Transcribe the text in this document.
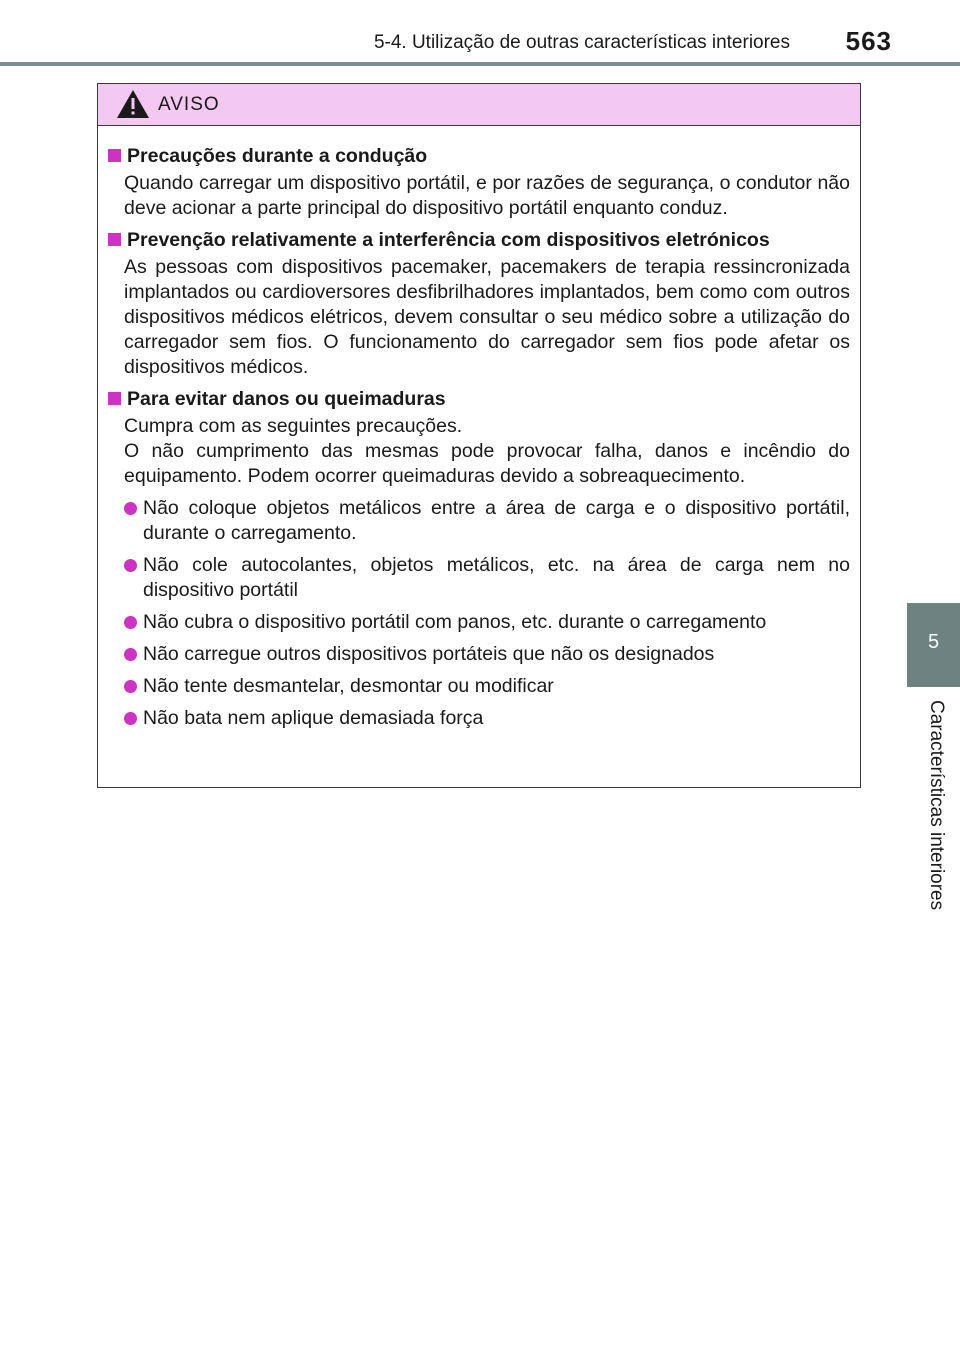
5-4. Utilização de outras características interiores 563
5
Características interiores
AVISO
Precauções durante a condução
Quando carregar um dispositivo portátil, e por razões de segurança, o condutor não deve acionar a parte principal do dispositivo portátil enquanto conduz.
Prevenção relativamente a interferência com dispositivos eletrónicos
As pessoas com dispositivos pacemaker, pacemakers de terapia ressincronizada implantados ou cardioversores desfibrilhadores implantados, bem como com outros dispositivos médicos elétricos, devem consultar o seu médico sobre a utilização do carregador sem fios. O funcionamento do carregador sem fios pode afetar os dispositivos médicos.
Para evitar danos ou queimaduras
Cumpra com as seguintes precauções.
O não cumprimento das mesmas pode provocar falha, danos e incêndio do equipamento. Podem ocorrer queimaduras devido a sobreaquecimento.
Não coloque objetos metálicos entre a área de carga e o dispositivo portátil, durante o carregamento.
Não cole autocolantes, objetos metálicos, etc. na área de carga nem no dispositivo portátil
Não cubra o dispositivo portátil com panos, etc. durante o carregamento
Não carregue outros dispositivos portáteis que não os designados
Não tente desmantelar, desmontar ou modificar
Não bata nem aplique demasiada força
